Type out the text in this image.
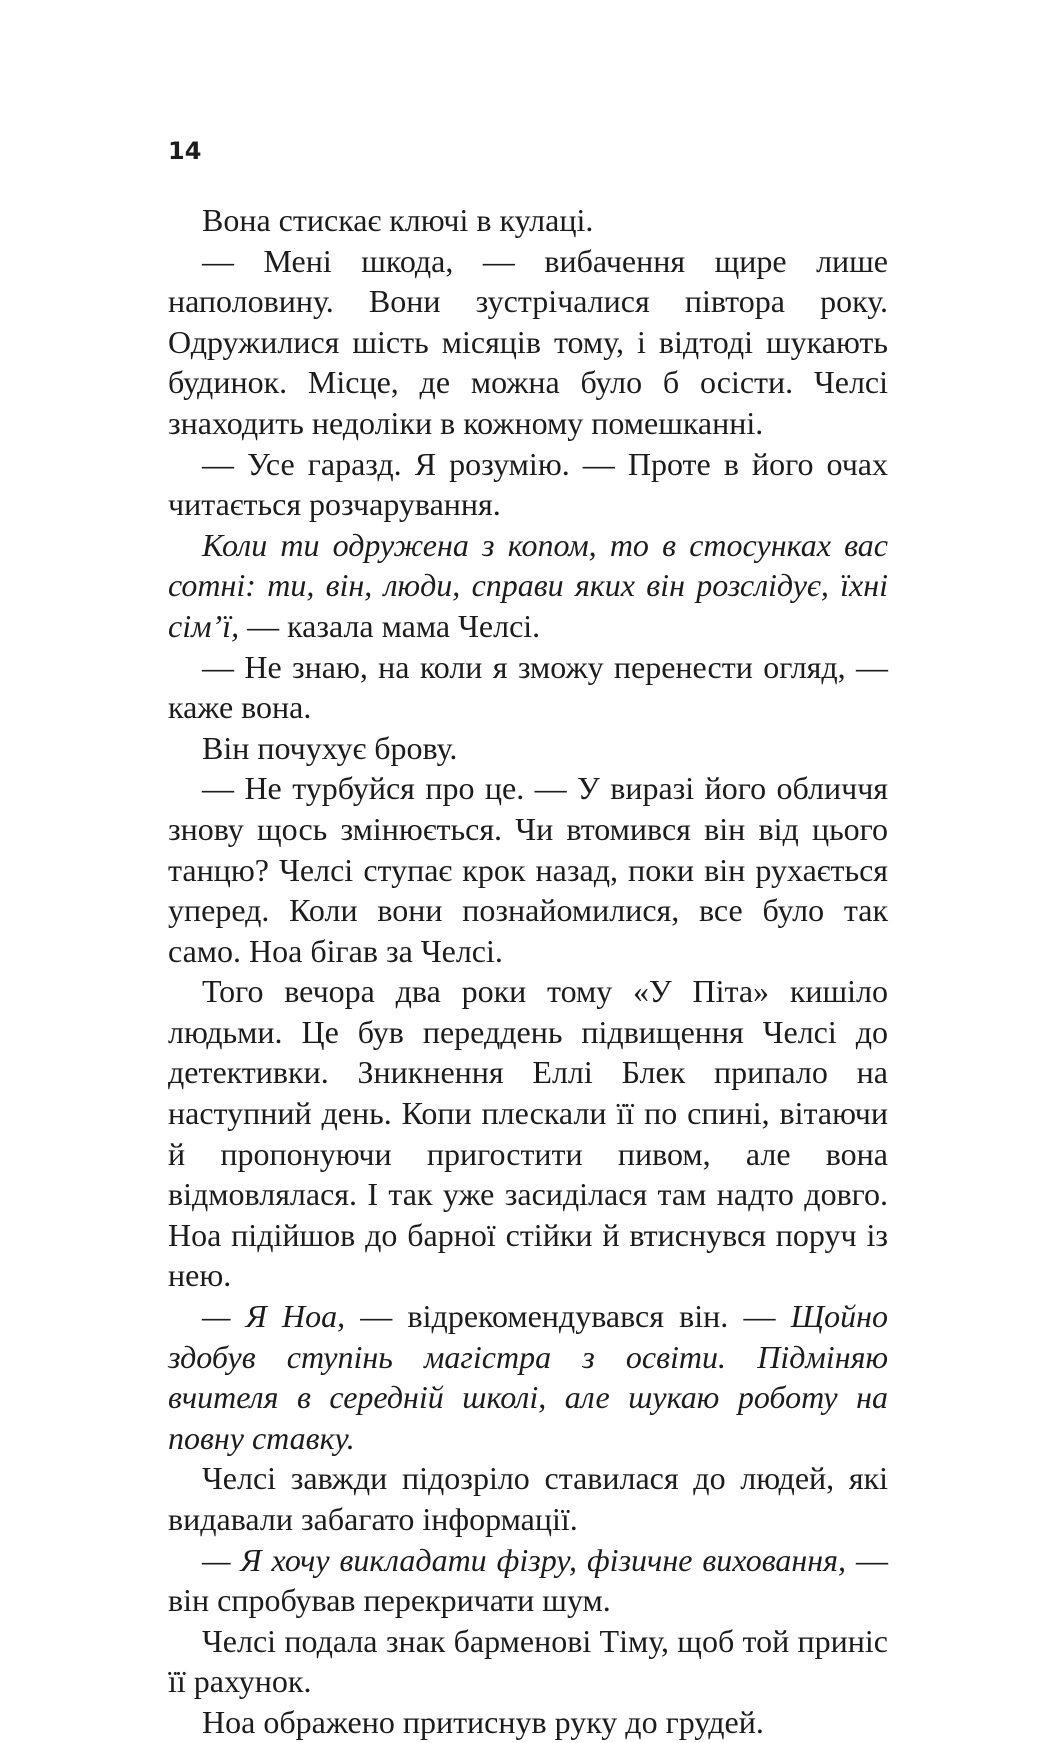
14

Вона стискає ключі в кулаці.

— Мені шкода, — вибачення щире лише наполовину. Вони зустрічалися півтора року. Одружилися шість місяців тому, і відтоді шукають будинок. Місце, де можна було б осісти. Челсі знаходить недоліки в кожному помешканні.

— Усе гаразд. Я розумію. — Проте в його очах читається розчарування.

Коли ти одружена з копом, то в стосунках вас сотні: ти, він, люди, справи яких він розслідує, їхні сім’ї, — казала мама Челсі.

— Не знаю, на коли я зможу перенести огляд, — каже вона.

Він почухує брову.

— Не турбуйся про це. — У виразі його обличчя знову щось змінюється. Чи втомився він від цього танцю? Челсі ступає крок назад, поки він рухається уперед. Коли вони познайомилися, все було так само. Ноа бігав за Челсі.

Того вечора два роки тому «У Піта» кишіло людьми. Це був переддень підвищення Челсі до детективки. Зникнення Еллі Блек припало на наступний день. Копи плескали її по спині, вітаючи й пропонуючи пригостити пивом, але вона відмовлялася. І так уже засиділася там надто довго. Ноа підійшов до барної стійки й втиснувся поруч із нею.

— Я Ноа, — відрекомендувався він. — Щойно здобув ступінь магістра з освіти. Підміняю вчителя в середній школі, але шукаю роботу на повну ставку.

Челсі завжди підозріло ставилася до людей, які видавали забагато інформації.

— Я хочу викладати фізру, фізичне виховання, — він спробував перекричати шум.

Челсі подала знак барменові Тіму, щоб той приніс її рахунок.

Ноа ображено притиснув руку до грудей.
